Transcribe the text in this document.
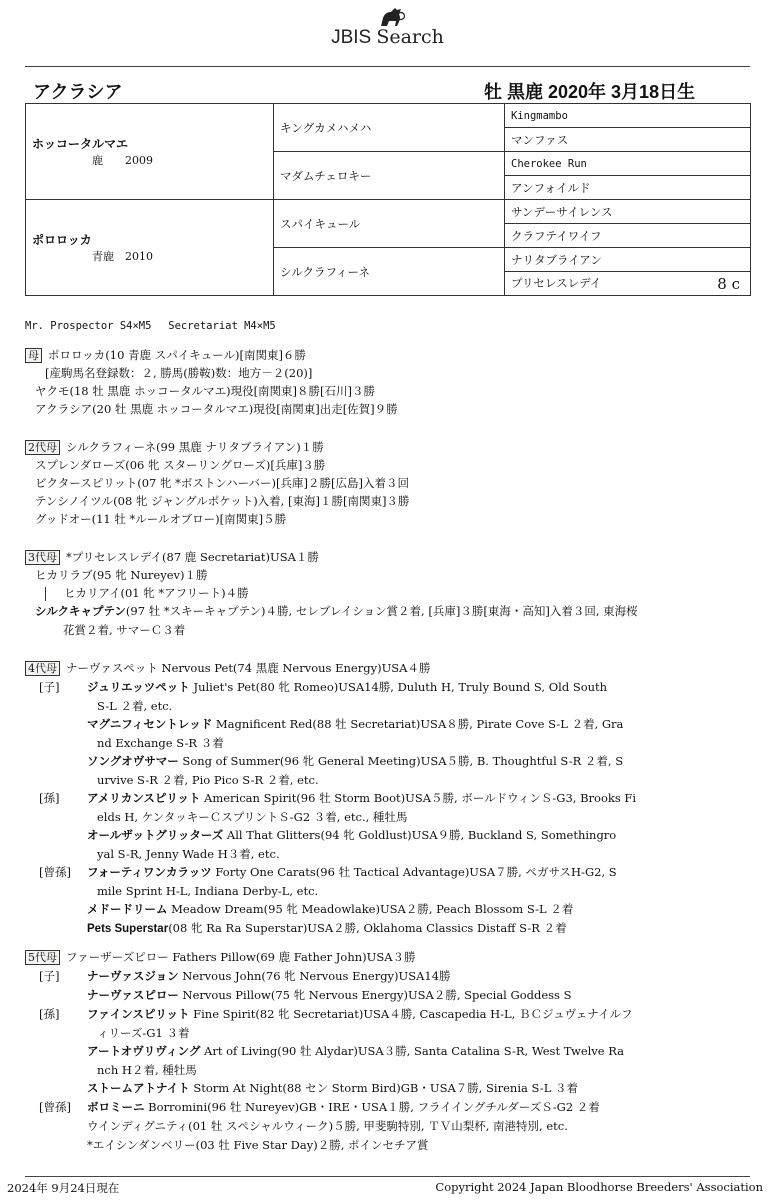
JBIS Search
アクラシア	牡 黒鹿 2020年 3月18日生
ホッコータルマエ
鹿　　2009	キングカメハメハ	Kingmambo
		マンファス
	マダムチェロキー	Cherokee Run
		アンフォイルド

ポロロッカ
青鹿　2010	スパイキュール	サンデーサイレンス
		クラフテイワイフ
	シルクラフィーネ	ナリタブライアン
		プリセレスレデイ 8 c
Mr. Prospector S4×M5　 Secretariat M4×M5
母 ポロロッカ(10 青鹿 スパイキュール)[南関東]６勝
[産駒馬名登録数：２, 勝馬(勝鞍)数：地方－２(20)]
ヤクモ(18 牡 黒鹿 ホッコータルマエ)現役[南関東]８勝[石川]３勝
アクラシア(20 牡 黒鹿 ホッコータルマエ)現役[南関東]出走[佐賀]９勝
2代母 シルクラフィーネ(99 黒鹿 ナリタブライアン)１勝
スプレンダローズ(06 牝 スターリングローズ)[兵庫]３勝
ビクタースピリット(07 牝 *ボストンハーバー)[兵庫]２勝[広島]入着３回
テンシノイツル(08 牝 ジャングルポケット)入着, [東海]１勝[南関東]３勝
グッドオー(11 牡 *ルールオブロー)[南関東]５勝
3代母 *プリセレスレデイ(87 鹿 Secretariat)USA１勝
ヒカリラブ(95 牝 Nureyev)１勝
ヒカリアイ(01 牝 *アフリート)４勝
シルクキャプテン(97 牡 *スキーキャプテン)４勝, セレブレイション賞２着, [兵庫]３勝[東海・高知]入着３回, 東海桜
花賞２着, サマーＣ３着
4代母 ナーヴァスペット Nervous Pet(74 黒鹿 Nervous Energy)USA４勝
[子]	ジュリエッツペット Juliet's Pet(80 牝 Romeo)USA14勝, Duluth H, Truly Bound S, Old South
S-L ２着, etc.
マグニフィセントレッド Magnificent Red(88 牡 Secretariat)USA８勝, Pirate Cove S-L ２着, Gra
nd Exchange S-R ３着
ソングオヴサマー Song of Summer(96 牝 General Meeting)USA５勝, B. Thoughtful S-R ２着, S
urvive S-R ２着, Pio Pico S-R ２着, etc.
[孫]	アメリカンスピリット American Spirit(96 牡 Storm Boot)USA５勝, ボールドウィンＳ-G3, Brooks Fi
elds H, ケンタッキーＣスプリントＳ-G2 ３着, etc., 種牡馬
オールザットグリッターズ All That Glitters(94 牝 Goldlust)USA９勝, Buckland S, Somethingro
yal S-R, Jenny Wade H３着, etc.
[曾孫]	フォーティワンカラッツ Forty One Carats(96 牡 Tactical Advantage)USA７勝, ペガサスH-G2, S
mile Sprint H-L, Indiana Derby-L, etc.
メドードリーム Meadow Dream(95 牝 Meadowlake)USA２勝, Peach Blossom S-L ２着
Pets Superstar(08 牝 Ra Ra Superstar)USA２勝, Oklahoma Classics Distaff S-R ２着
5代母 ファーザーズピロー Fathers Pillow(69 鹿 Father John)USA３勝
[子]	ナーヴァスジョン Nervous John(76 牝 Nervous Energy)USA14勝
ナーヴァスピロー Nervous Pillow(75 牝 Nervous Energy)USA２勝, Special Goddess S
[孫]	ファインスピリット Fine Spirit(82 牝 Secretariat)USA４勝, Cascapedia H-L, ＢＣジュヴェナイルフ
ィリーズ-G1 ３着
アートオヴリヴィング Art of Living(90 牡 Alydar)USA３勝, Santa Catalina S-R, West Twelve Ra
nch H２着, 種牡馬
ストームアトナイト Storm At Night(88 セン Storm Bird)GB・USA７勝, Sirenia S-L ３着
[曾孫]	ボロミーニ Borromini(96 牡 Nureyev)GB・IRE・USA１勝, フライイングチルダーズＳ-G2 ２着
ウインディグニティ(01 牡 スペシャルウィーク)５勝, 甲斐駒特別, ＴＶ山梨杯, 南港特別, etc.
*エイシンダンベリー(03 牡 Five Star Day)２勝, ポインセチア賞
2024年 9月24日現在	Copyright 2024 Japan Bloodhorse Breeders' Association
